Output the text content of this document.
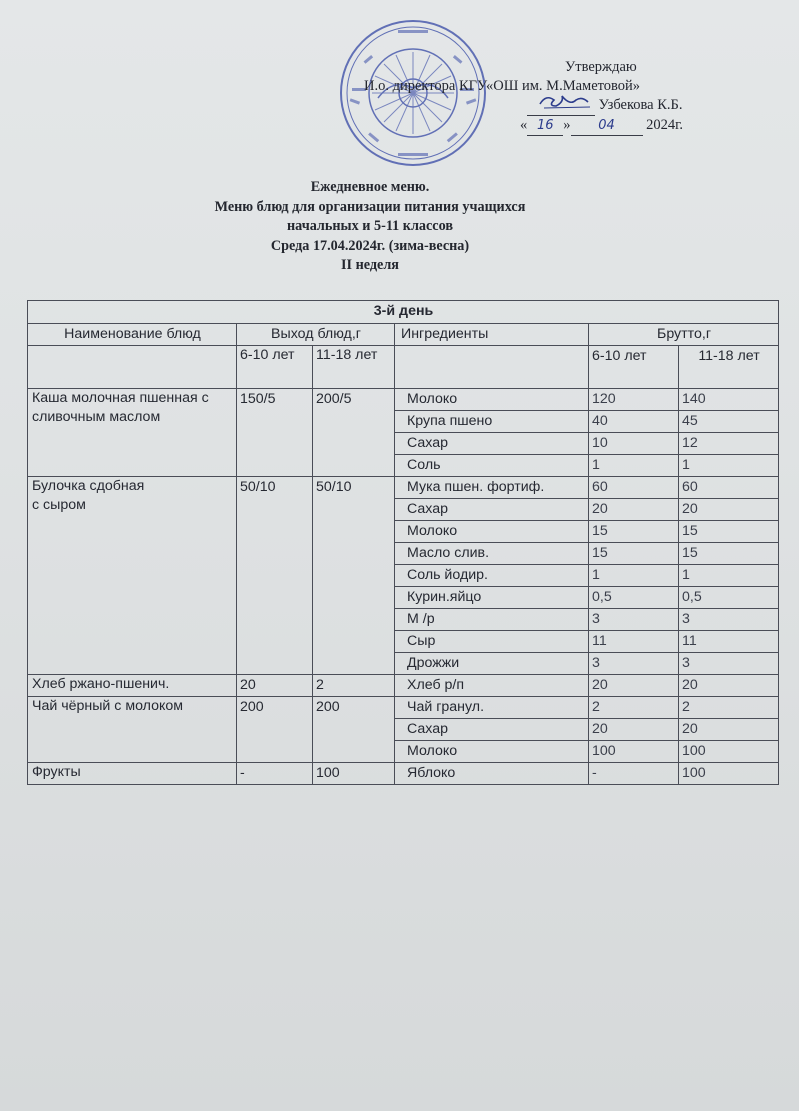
Утверждаю
И.о. директора КГУ«ОШ им. М.Маметовой»

Узбекова К.Б.
« 16 » 04 2024г.
Ежедневное меню.
Меню блюд для организации питания учащихся
начальных и 5-11 классов
Среда 17.04.2024г. (зима-весна)
II неделя
3-й день					
Наименование блюд	Выход блюд,г		Ингредиенты	Брутто,г	
	6-10 лет	11-18 лет		6-10 лет	11-18 лет
Каша молочная пшенная с сливочным маслом	150/5	200/5	Молоко	120	140
			Крупа пшено	40	45
			Сахар	10	12
			Соль	1	1
Булочка сдобная
с сыром	50/10	50/10	Мука пшен. фортиф.	60	60
			Сахар	20	20
			Молоко	15	15
			Масло слив.	15	15
			Соль йодир.	1	1
			Курин.яйцо	0,5	0,5
			М /р	3	3
			Сыр	11	11
			Дрожжи	3	3
Хлеб ржано-пшенич.	20	2	Хлеб р/п	20	20
Чай чёрный с молоком	200	200	Чай гранул.	2	2
			Сахар	20	20
			Молоко	100	100
Фрукты	-	100	Яблоко	-	100
